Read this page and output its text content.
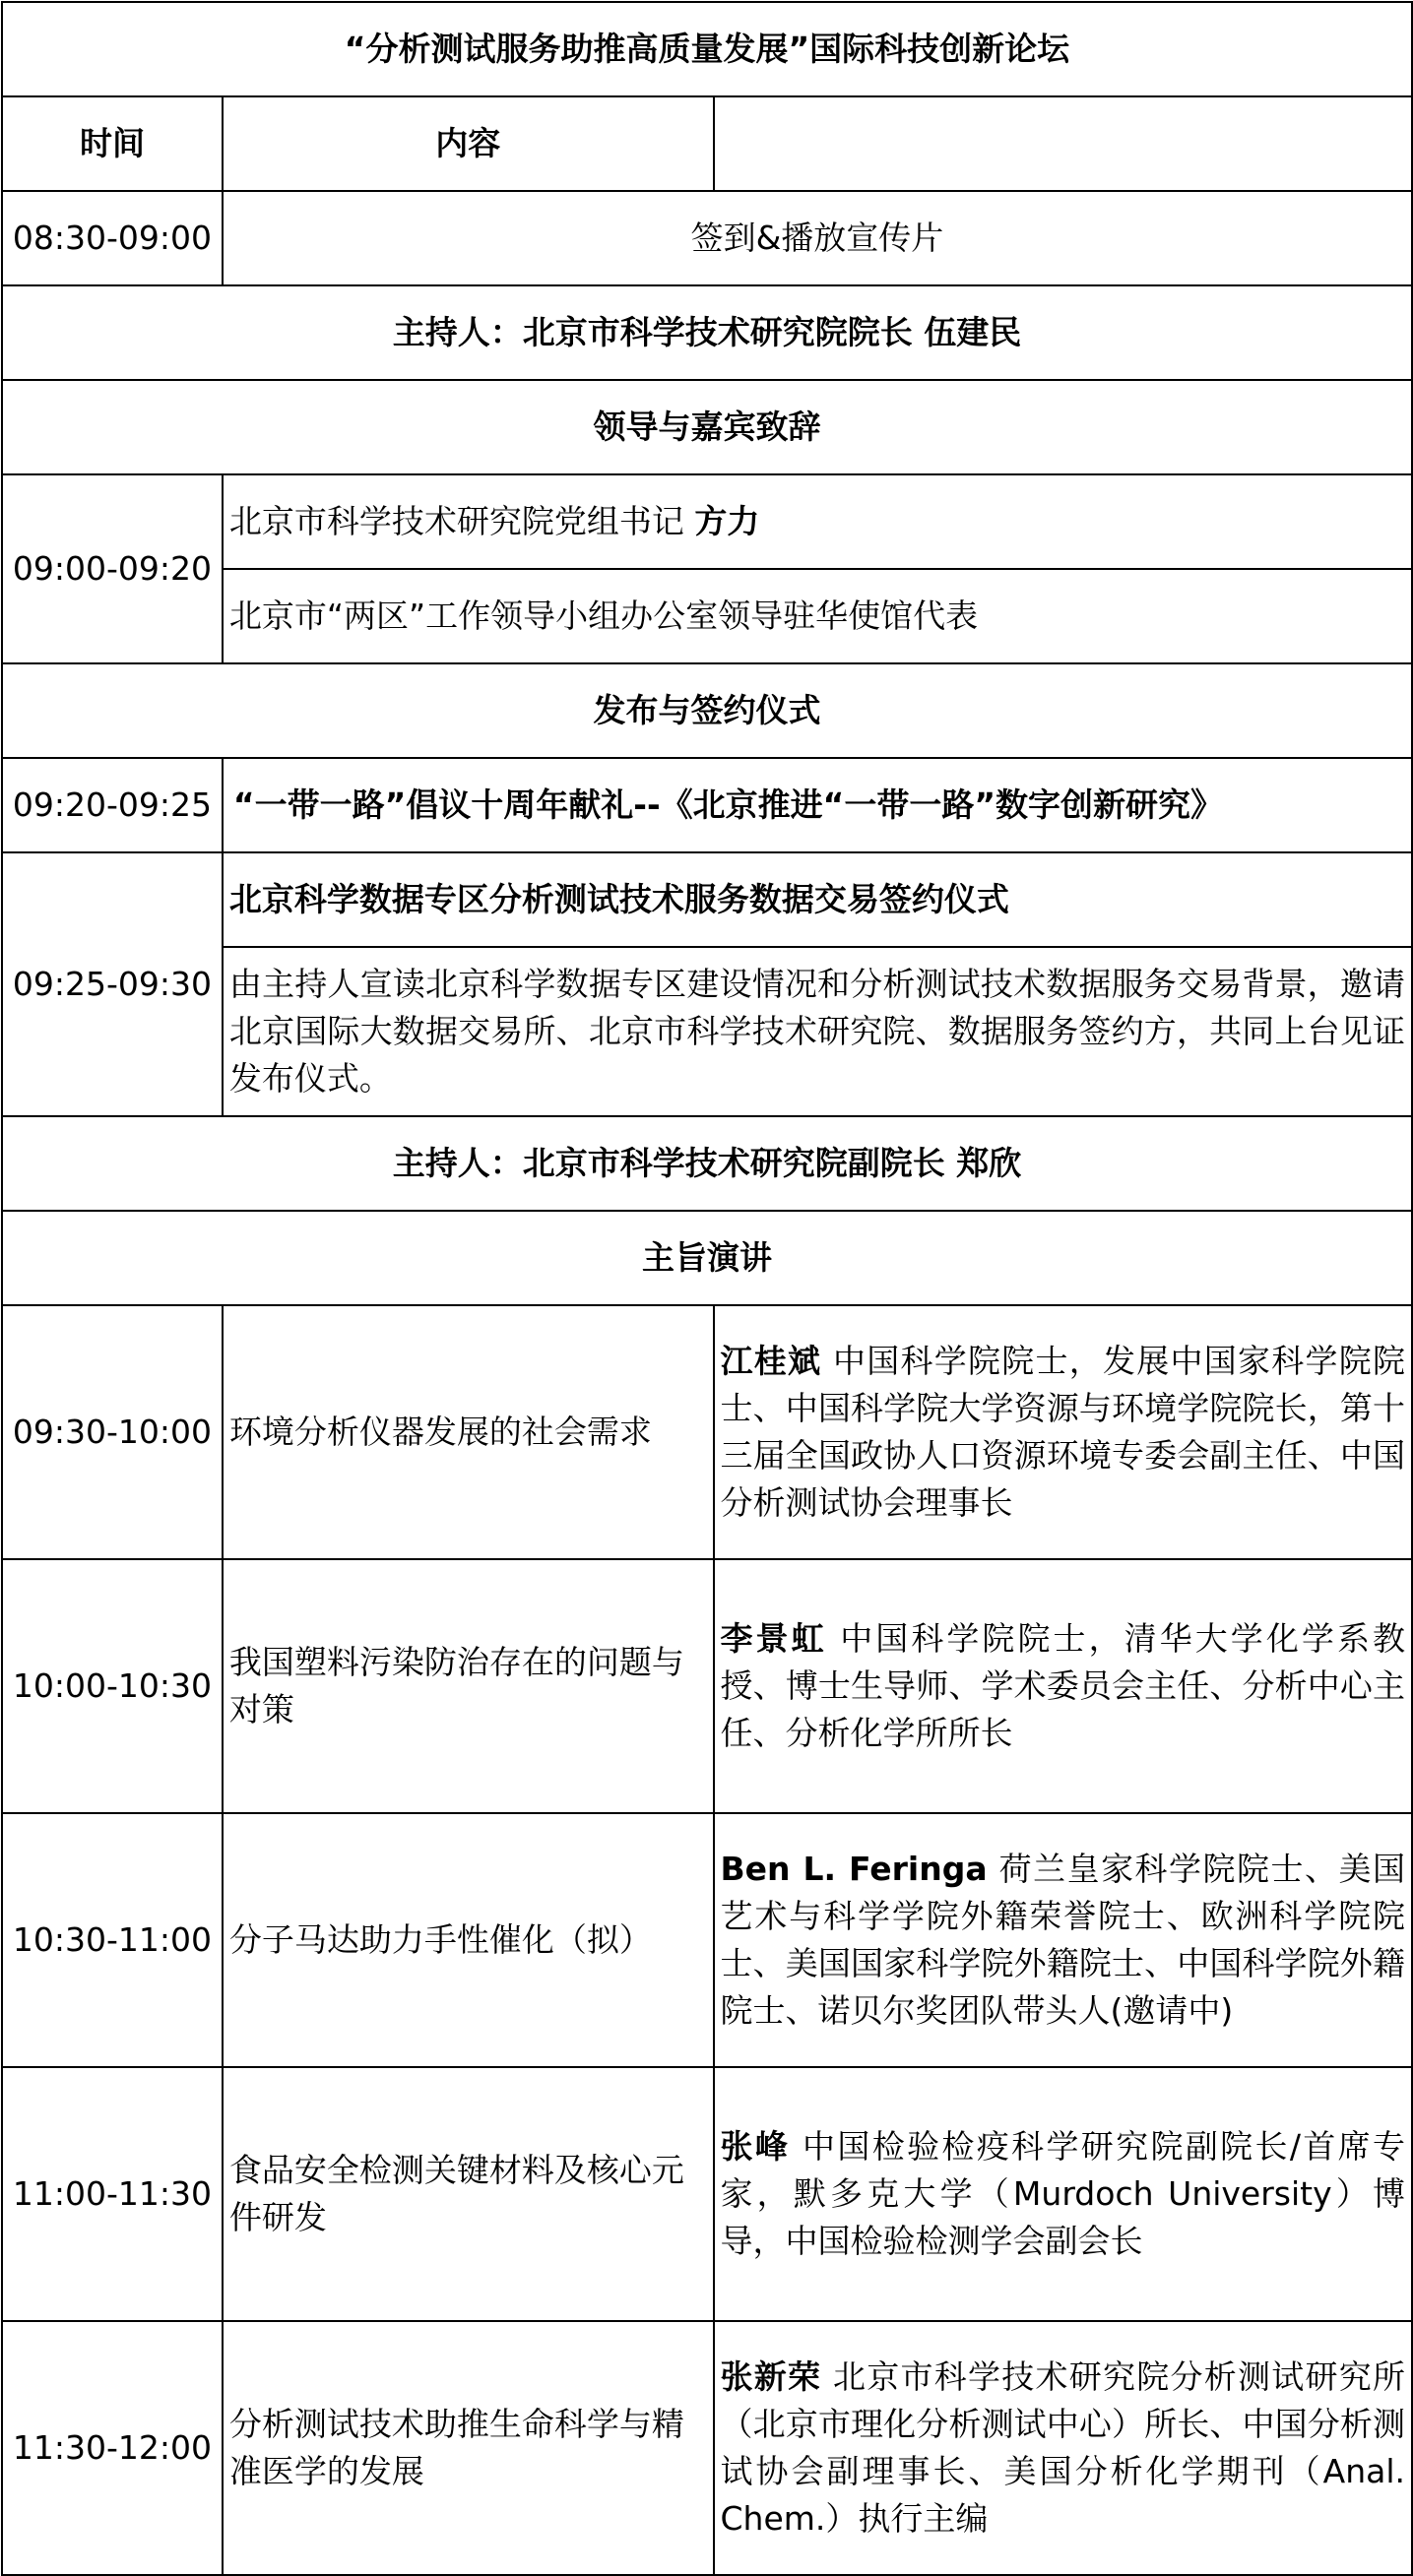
“分析测试服务助推高质量发展”国际科技创新论坛		
时间	内容	
08:30-09:00	签到&播放宣传片	
主持人：北京市科学技术研究院院长 伍建民		
领导与嘉宾致辞		
09:00-09:20	北京市科学技术研究院党组书记 方力	
	北京市“两区”工作领导小组办公室领导驻华使馆代表	
发布与签约仪式		
09:20-09:25	“一带一路”倡议十周年献礼--《北京推进“一带一路”数字创新研究》	
09:25-09:30	北京科学数据专区分析测试技术服务数据交易签约仪式	
	由主持人宣读北京科学数据专区建设情况和分析测试技术数据服务交易背景，邀请北京国际大数据交易所、北京市科学技术研究院、数据服务签约方，共同上台见证发布仪式。	
主持人：北京市科学技术研究院副院长 郑欣		
主旨演讲		
09:30-10:00	环境分析仪器发展的社会需求	江桂斌 中国科学院院士，发展中国家科学院院士、中国科学院大学资源与环境学院院长，第十三届全国政协人口资源环境专委会副主任、中国分析测试协会理事长
10:00-10:30	我国塑料污染防治存在的问题与对策	李景虹 中国科学院院士，清华大学化学系教授、博士生导师、学术委员会主任、分析中心主任、分析化学所所长
10:30-11:00	分子马达助力手性催化（拟）	Ben L. Feringa 荷兰皇家科学院院士、美国艺术与科学学院外籍荣誉院士、欧洲科学院院士、美国国家科学院外籍院士、中国科学院外籍院士、诺贝尔奖团队带头人(邀请中)
11:00-11:30	食品安全检测关键材料及核心元件研发	张峰 中国检验检疫科学研究院副院长/首席专家，默多克大学（Murdoch University）博导，中国检验检测学会副会长
11:30-12:00	分析测试技术助推生命科学与精准医学的发展	张新荣 北京市科学技术研究院分析测试研究所（北京市理化分析测试中心）所长、中国分析测试协会副理事长、美国分析化学期刊（Anal. Chem.）执行主编
